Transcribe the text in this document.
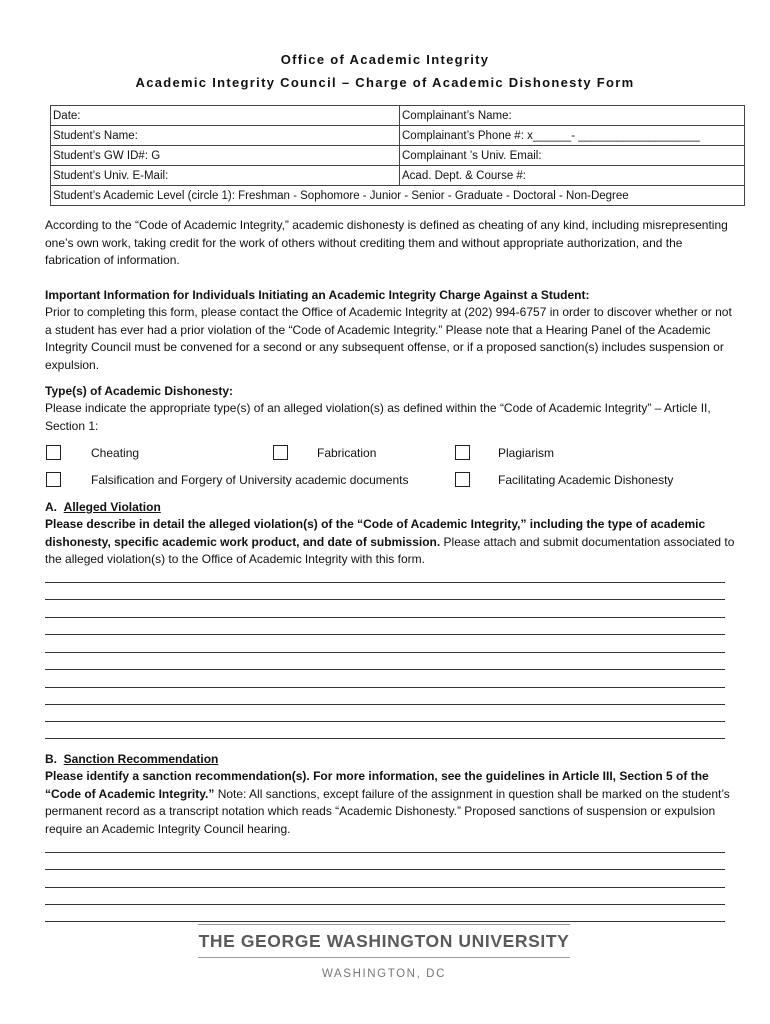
Office of Academic Integrity
Academic Integrity Council – Charge of Academic Dishonesty Form
Date:	Complainant’s Name:
Student’s Name:	Complainant’s Phone #: x______- ___________________
Student’s GW ID#: G	Complainant ’s Univ. Email:
Student’s Univ. E-Mail:	Acad. Dept. & Course #:
Student’s Academic Level (circle 1): Freshman - Sophomore - Junior - Senior - Graduate - Doctoral - Non-Degree	
According to the “Code of Academic Integrity,” academic dishonesty is defined as cheating of any kind, including misrepresenting one’s own work, taking credit for the work of others without crediting them and without appropriate authorization, and the fabrication of information.
Important Information for Individuals Initiating an Academic Integrity Charge Against a Student:
Prior to completing this form, please contact the Office of Academic Integrity at (202) 994-6757 in order to discover whether or not a student has ever had a prior violation of the “Code of Academic Integrity.” Please note that a Hearing Panel of the Academic Integrity Council must be convened for a second or any subsequent offense, or if a proposed sanction(s) includes suspension or expulsion.
Type(s) of Academic Dishonesty:
Please indicate the appropriate type(s) of an alleged violation(s) as defined within the “Code of Academic Integrity” – Article II, Section 1:
Cheating	Fabrication	Plagiarism
Falsification and Forgery of University academic documents	Facilitating Academic Dishonesty
A. Alleged Violation
Please describe in detail the alleged violation(s) of the “Code of Academic Integrity,” including the type of academic dishonesty, specific academic work product, and date of submission. Please attach and submit documentation associated to the alleged violation(s) to the Office of Academic Integrity with this form.
B. Sanction Recommendation
Please identify a sanction recommendation(s). For more information, see the guidelines in Article III, Section 5 of the “Code of Academic Integrity.” Note: All sanctions, except failure of the assignment in question shall be marked on the student’s permanent record as a transcript notation which reads “Academic Dishonesty.” Proposed sanctions of suspension or expulsion require an Academic Integrity Council hearing.
THE GEORGE WASHINGTON UNIVERSITY
WASHINGTON, DC
